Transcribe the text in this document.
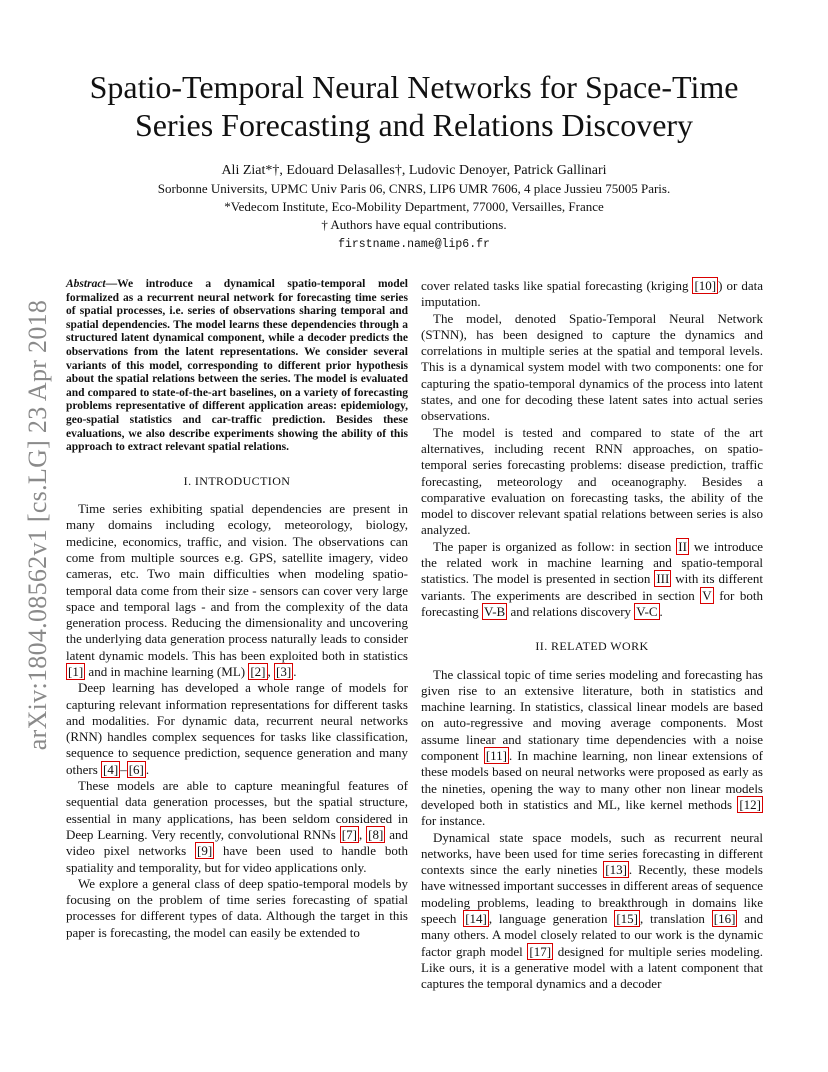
arXiv:1804.08562v1 [cs.LG] 23 Apr 2018
Spatio-Temporal Neural Networks for Space-Time
Series Forecasting and Relations Discovery
Ali Ziat*†, Edouard Delasalles†, Ludovic Denoyer, Patrick Gallinari
Sorbonne Universits, UPMC Univ Paris 06, CNRS, LIP6 UMR 7606, 4 place Jussieu 75005 Paris.
*Vedecom Institute, Eco-Mobility Department, 77000, Versailles, France
† Authors have equal contributions.
firstname.name@lip6.fr

Abstract—We introduce a dynamical spatio-temporal model formalized as a recurrent neural network for forecasting time series of spatial processes, i.e. series of observations sharing temporal and spatial dependencies. The model learns these dependencies through a structured latent dynamical component, while a decoder predicts the observations from the latent representations. We consider several variants of this model, corresponding to different prior hypothesis about the spatial relations between the series. The model is evaluated and compared to state-of-the-art baselines, on a variety of forecasting problems representative of different application areas: epidemiology, geo-spatial statistics and car-traffic prediction. Besides these evaluations, we also describe experiments showing the ability of this approach to extract relevant spatial relations.

I. INTRODUCTION

Time series exhibiting spatial dependencies are present in many domains including ecology, meteorology, biology, medicine, economics, traffic, and vision. The observations can come from multiple sources e.g. GPS, satellite imagery, video cameras, etc. Two main difficulties when modeling spatio-temporal data come from their size - sensors can cover very large space and temporal lags - and from the complexity of the data generation process. Reducing the dimensionality and uncovering the underlying data generation process naturally leads to consider latent dynamic models. This has been exploited both in statistics [1] and in machine learning (ML) [2] , [3] .

Deep learning has developed a whole range of models for capturing relevant information representations for different tasks and modalities. For dynamic data, recurrent neural networks (RNN) handles complex sequences for tasks like classification, sequence to sequence prediction, sequence generation and many others [4] – [6] .

These models are able to capture meaningful features of sequential data generation processes, but the spatial structure, essential in many applications, has been seldom considered in Deep Learning. Very recently, convolutional RNNs [7] , [8] and video pixel networks [9] have been used to handle both spatiality and temporality, but for video applications only.

We explore a general class of deep spatio-temporal models by focusing on the problem of time series forecasting of spatial processes for different types of data. Although the target in this paper is forecasting, the model can easily be extended to

cover related tasks like spatial forecasting (kriging [10] ) or data imputation.

The model, denoted Spatio-Temporal Neural Network (STNN), has been designed to capture the dynamics and correlations in multiple series at the spatial and temporal levels. This is a dynamical system model with two components: one for capturing the spatio-temporal dynamics of the process into latent states, and one for decoding these latent sates into actual series observations.

The model is tested and compared to state of the art alternatives, including recent RNN approaches, on spatio-temporal series forecasting problems: disease prediction, traffic forecasting, meteorology and oceanography. Besides a comparative evaluation on forecasting tasks, the ability of the model to discover relevant spatial relations between series is also analyzed.

The paper is organized as follow: in section II we introduce the related work in machine learning and spatio-temporal statistics. The model is presented in section III with its different variants. The experiments are described in section V for both forecasting V-B and relations discovery V-C .

II. RELATED WORK

The classical topic of time series modeling and forecasting has given rise to an extensive literature, both in statistics and machine learning. In statistics, classical linear models are based on auto-regressive and moving average components. Most assume linear and stationary time dependencies with a noise component [11] . In machine learning, non linear extensions of these models based on neural networks were proposed as early as the nineties, opening the way to many other non linear models developed both in statistics and ML, like kernel methods [12] for instance.

Dynamical state space models, such as recurrent neural networks, have been used for time series forecasting in different contexts since the early nineties [13] . Recently, these models have witnessed important successes in different areas of sequence modeling problems, leading to breakthrough in domains like speech [14] , language generation [15] , translation [16] and many others. A model closely related to our work is the dynamic factor graph model [17] designed for multiple series modeling. Like ours, it is a generative model with a latent component that captures the temporal dynamics and a decoder
